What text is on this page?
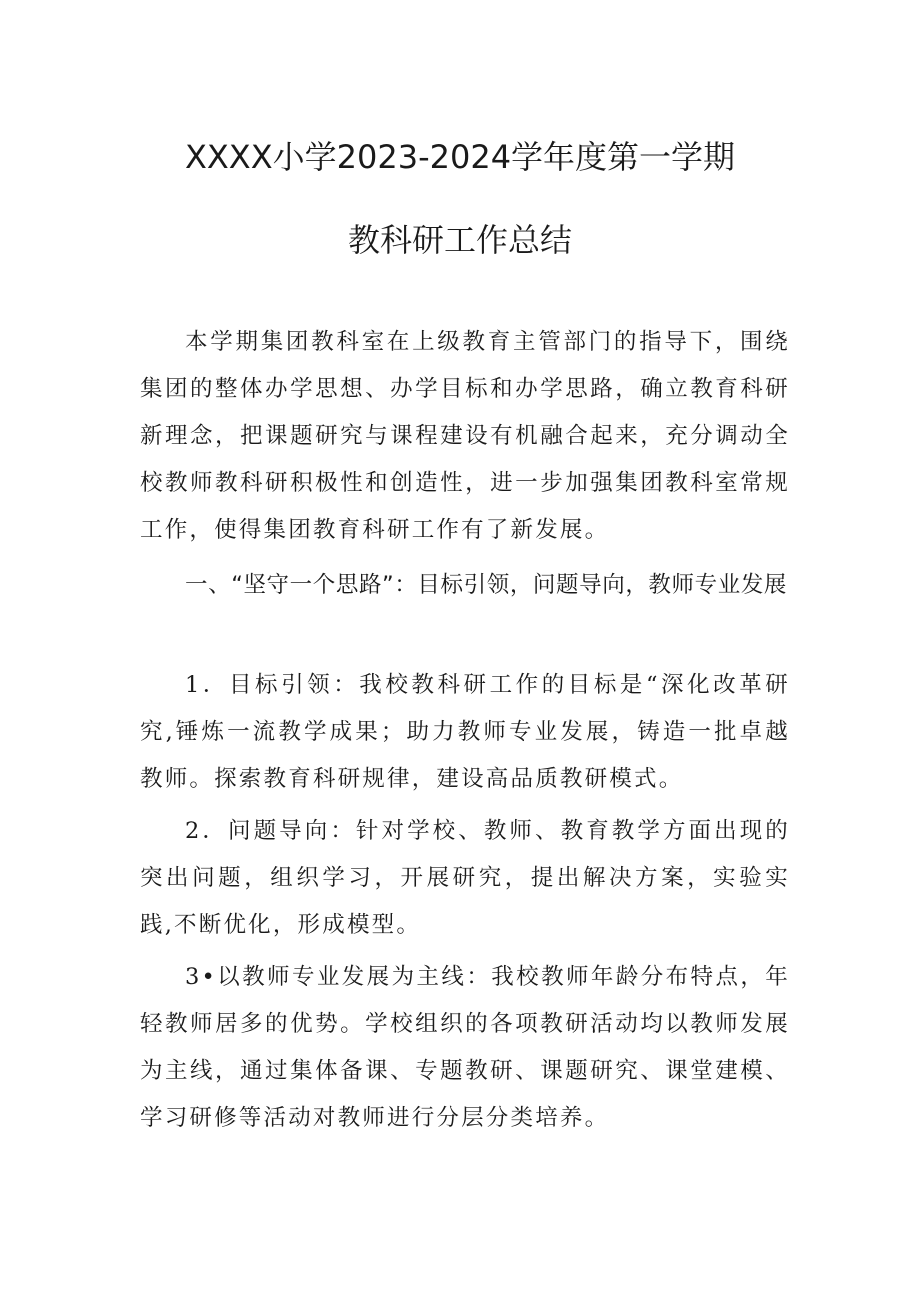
XXXX小学2023-2024学年度第一学期
教科研工作总结

本学期集团教科室在上级教育主管部门的指导下，围绕集团的整体办学思想、办学目标和办学思路，确立教育科研新理念，把课题研究与课程建设有机融合起来，充分调动全校教师教科研积极性和创造性，进一步加强集团教科室常规工作，使得集团教育科研工作有了新发展。

一、“坚守一个思路”：目标引领，问题导向，教师专业发展

1．目标引领：我校教科研工作的目标是“深化改革研究,锤炼一流教学成果；助力教师专业发展，铸造一批卓越教师。探索教育科研规律，建设高品质教研模式。

2．问题导向：针对学校、教师、教育教学方面出现的突出问题，组织学习，开展研究，提出解决方案，实验实践,不断优化，形成模型。

3•以教师专业发展为主线：我校教师年龄分布特点，年轻教师居多的优势。学校组织的各项教研活动均以教师发展为主线，通过集体备课、专题教研、课题研究、课堂建模、学习研修等活动对教师进行分层分类培养。
